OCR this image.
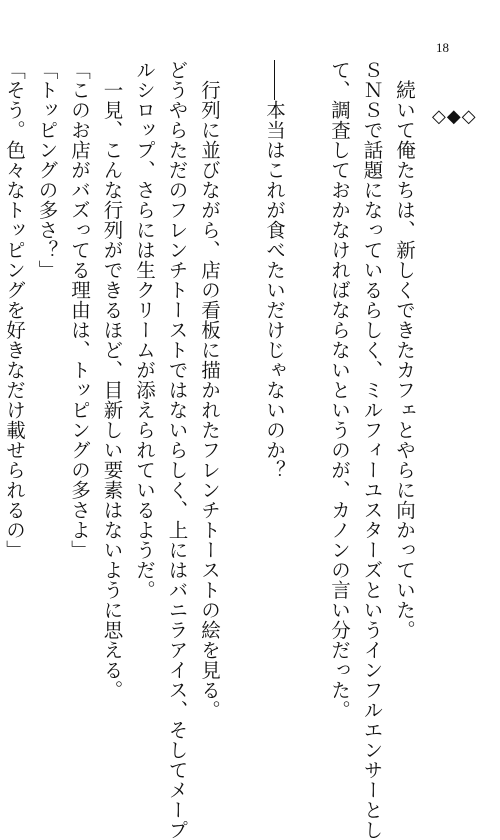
18
◇◆◇
　続いて俺たちは、新しくできたカフェとやらに向かっていた。
ＳＮＳで話題になっているらしく、ミルフィーユスターズというインフルエンサーとし
て、調査しておかなければならないというのが、カノンの言い分だった。
本当はこれが食べたいだけじゃないのか？
　行列に並びながら、店の看板に描かれたフレンチトーストの絵を見る。
どうやらただのフレンチトーストではないらしく、上にはバニラアイス、そしてメープ
ルシロップ、さらには生クリームが添えられているようだ。
　一見、こんな行列ができるほど、目新しい要素はないように思える。
「このお店がバズってる理由は、トッピングの多さよ」
「トッピングの多さ？」
「そう。色々なトッピングを好きなだけ載せられるの」
